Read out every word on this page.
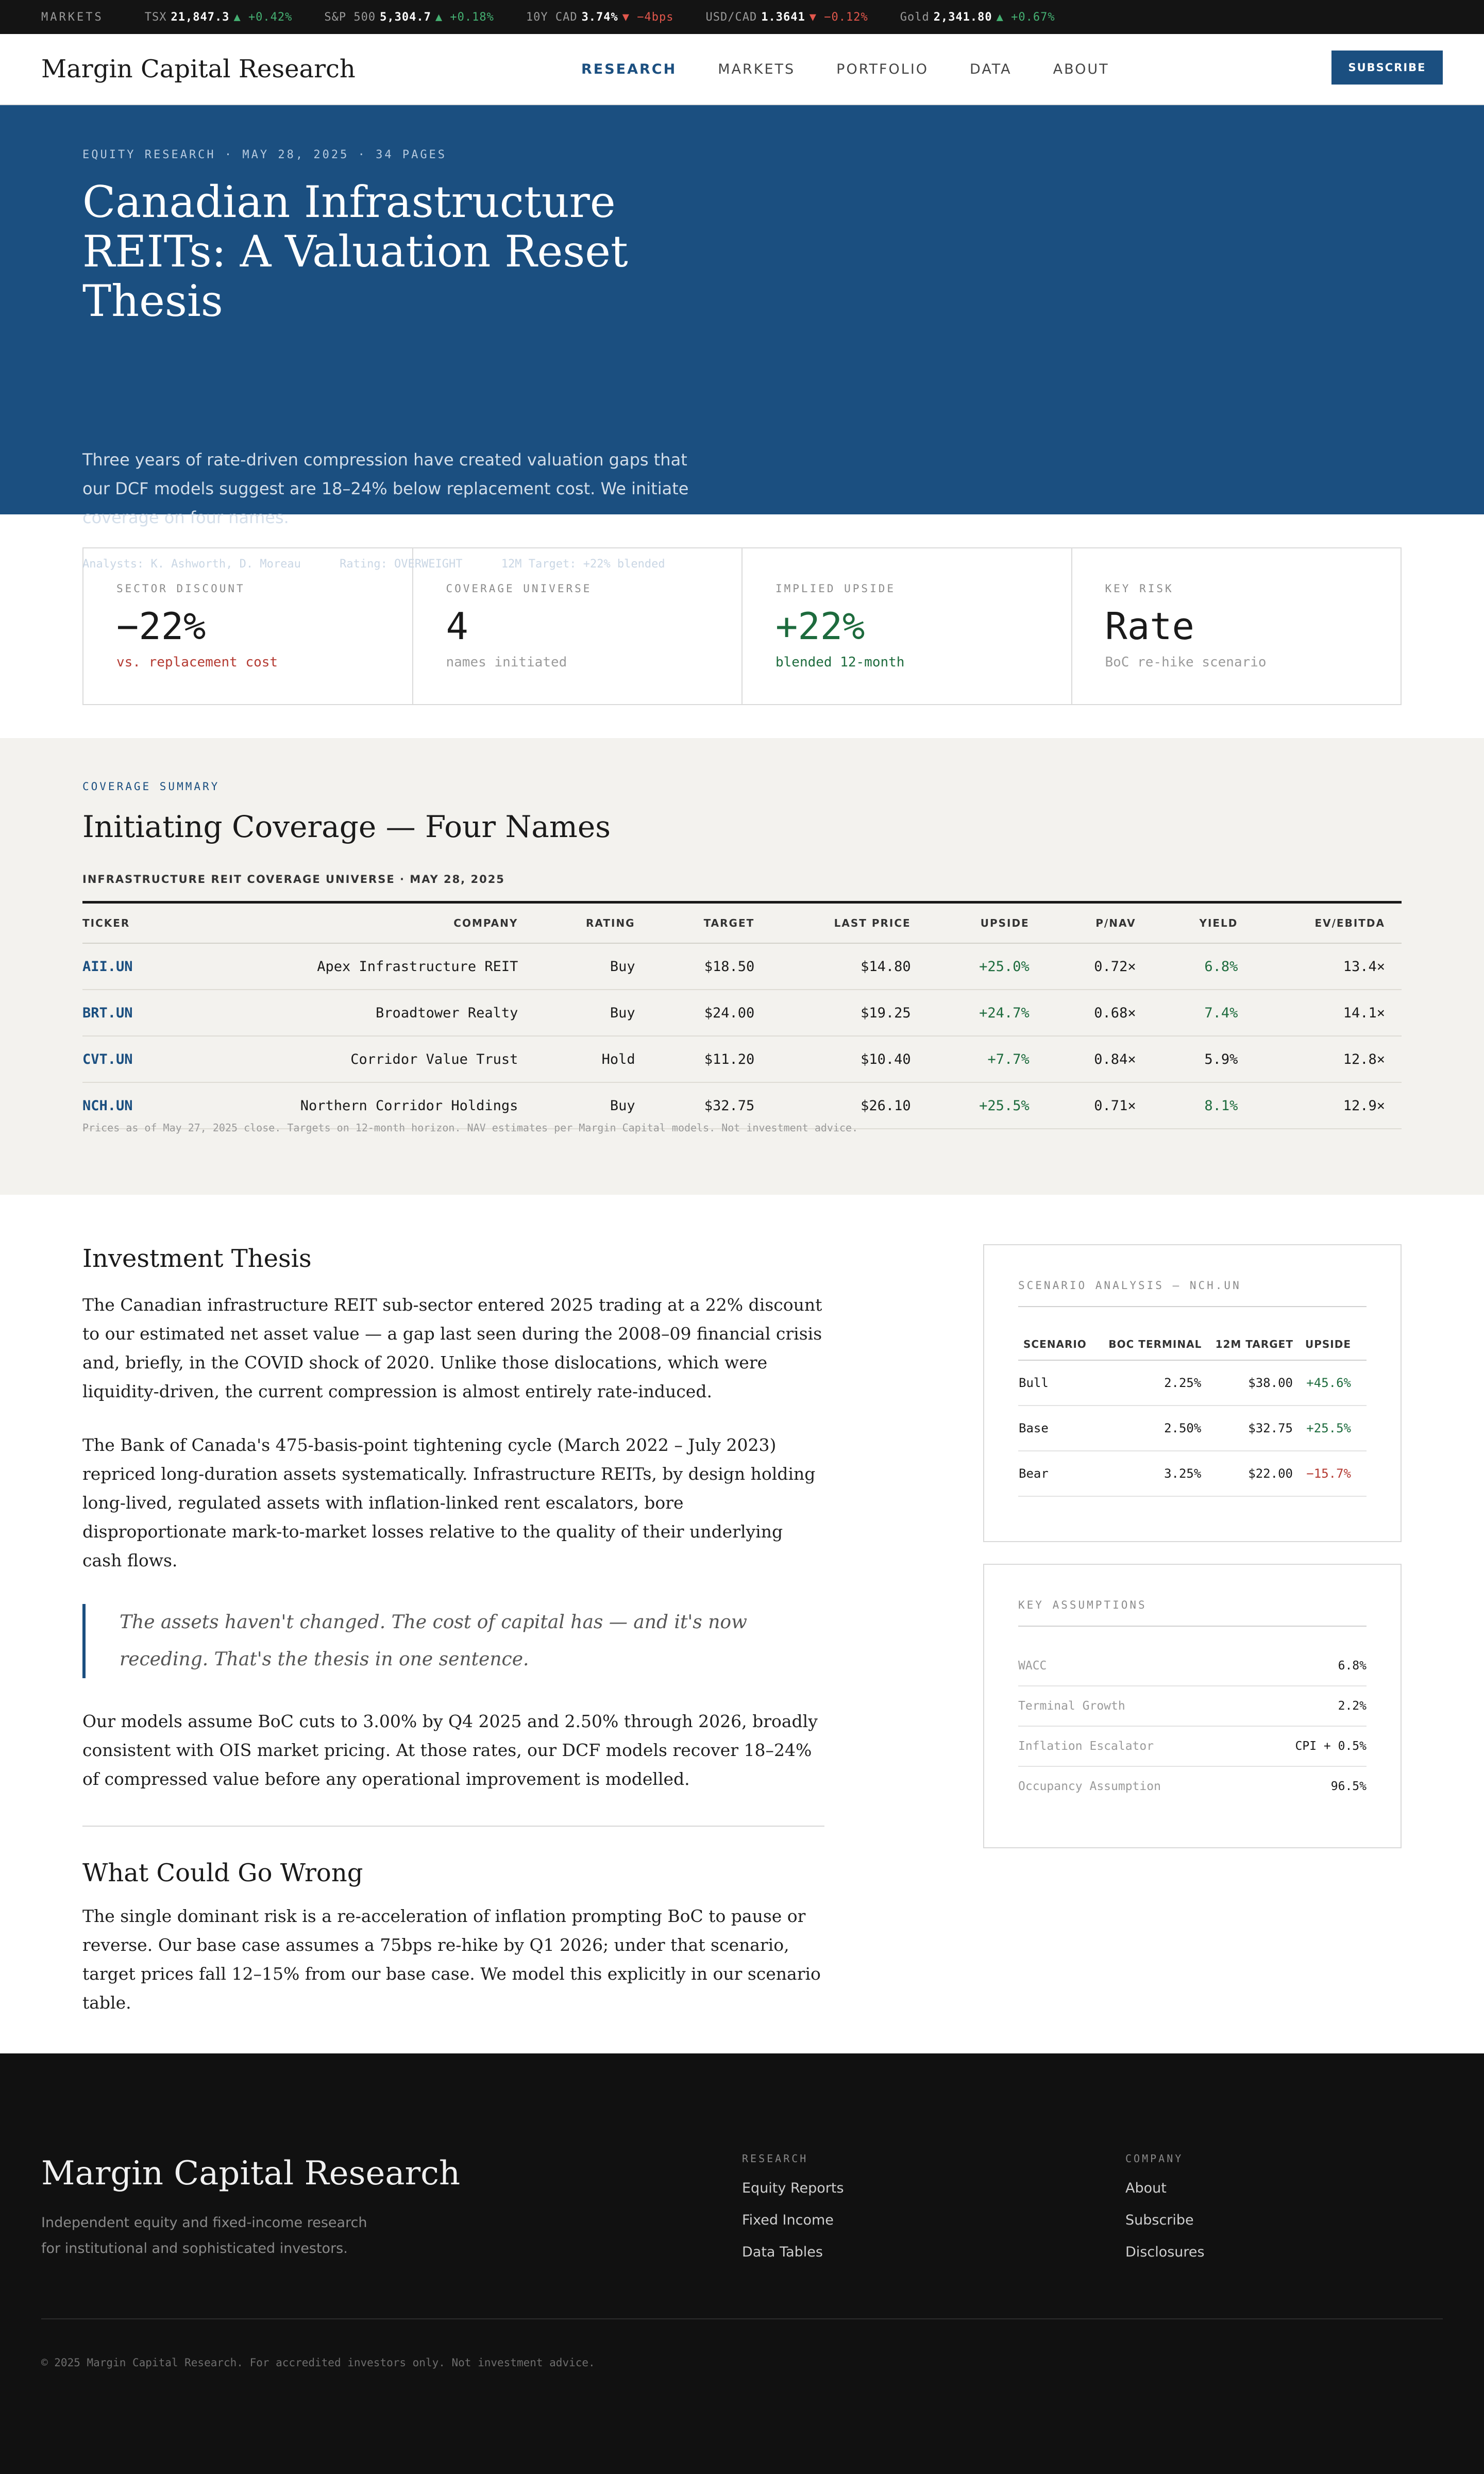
MARKETS	TSX 21,847.3 ▲ +0.42%	S&P 500 5,304.7 ▲ +0.18%	10Y CAD 3.74% ▼ −4bps	USD/CAD 1.3641 ▼ −0.12%	Gold 2,341.80 ▲ +0.67%
Margin Capital Research	RESEARCH	MARKETS	PORTFOLIO	DATA	ABOUT	SUBSCRIBE
EQUITY RESEARCH · MAY 28, 2025 · 34 PAGES
Canadian Infrastructure REITs: A Valuation Reset Thesis

Three years of rate-driven compression have created valuation gaps that our DCF models suggest are 18–24% below replacement cost. We initiate coverage on four names.

Analysts: K. Ashworth, D. Moreau	Rating: OVERWEIGHT	12M Target: +22% blended
SECTOR DISCOUNT
−22%
vs. replacement cost
COVERAGE UNIVERSE
4
names initiated
IMPLIED UPSIDE
+22%
blended 12-month
KEY RISK
Rate
BoC re-hike scenario
COVERAGE SUMMARY
Initiating Coverage — Four Names
INFRASTRUCTURE REIT COVERAGE UNIVERSE · MAY 28, 2025
TICKER	COMPANY	RATING	TARGET	LAST PRICE	UPSIDE	P/NAV	YIELD	EV/EBITDA
AII.UN	Apex Infrastructure REIT	Buy	$18.50	$14.80	+25.0%	0.72×	6.8%	13.4×
BRT.UN	Broadtower Realty	Buy	$24.00	$19.25	+24.7%	0.68×	7.4%	14.1×
CVT.UN	Corridor Value Trust	Hold	$11.20	$10.40	+7.7%	0.84×	5.9%	12.8×
NCH.UN	Northern Corridor Holdings	Buy	$32.75	$26.10	+25.5%	0.71×	8.1%	12.9×
Prices as of May 27, 2025 close. Targets on 12-month horizon. NAV estimates per Margin Capital models. Not investment advice.
Investment Thesis

The Canadian infrastructure REIT sub-sector entered 2025 trading at a 22% discount to our estimated net asset value — a gap last seen during the 2008–09 financial crisis and, briefly, in the COVID shock of 2020. Unlike those dislocations, which were liquidity-driven, the current compression is almost entirely rate-induced.

The Bank of Canada's 475-basis-point tightening cycle (March 2022 – July 2023) repriced long-duration assets systematically. Infrastructure REITs, by design holding long-lived, regulated assets with inflation-linked rent escalators, bore disproportionate mark-to-market losses relative to the quality of their underlying cash flows.

The assets haven't changed. The cost of capital has — and it's now receding. That's the thesis in one sentence.

Our models assume BoC cuts to 3.00% by Q4 2025 and 2.50% through 2026, broadly consistent with OIS market pricing. At those rates, our DCF models recover 18–24% of compressed value before any operational improvement is modelled.

What Could Go Wrong

The single dominant risk is a re-acceleration of inflation prompting BoC to pause or reverse. Our base case assumes a 75bps re-hike by Q1 2026; under that scenario, target prices fall 12–15% from our base case. We model this explicitly in our scenario table.

SCENARIO ANALYSIS — NCH.UN
SCENARIO	BOC TERMINAL	12M TARGET	UPSIDE
Bull	2.25%	$38.00	+45.6%
Base	2.50%	$32.75	+25.5%
Bear	3.25%	$22.00	−15.7%
KEY ASSUMPTIONS
WACC	6.8%
Terminal Growth	2.2%
Inflation Escalator	CPI + 0.5%
Occupancy Assumption	96.5%
Margin Capital Research
Independent equity and fixed-income research for institutional and sophisticated investors.
RESEARCH
Equity Reports
Fixed Income
Data Tables
COMPANY
About
Subscribe
Disclosures
© 2025 Margin Capital Research. For accredited investors only. Not investment advice.
